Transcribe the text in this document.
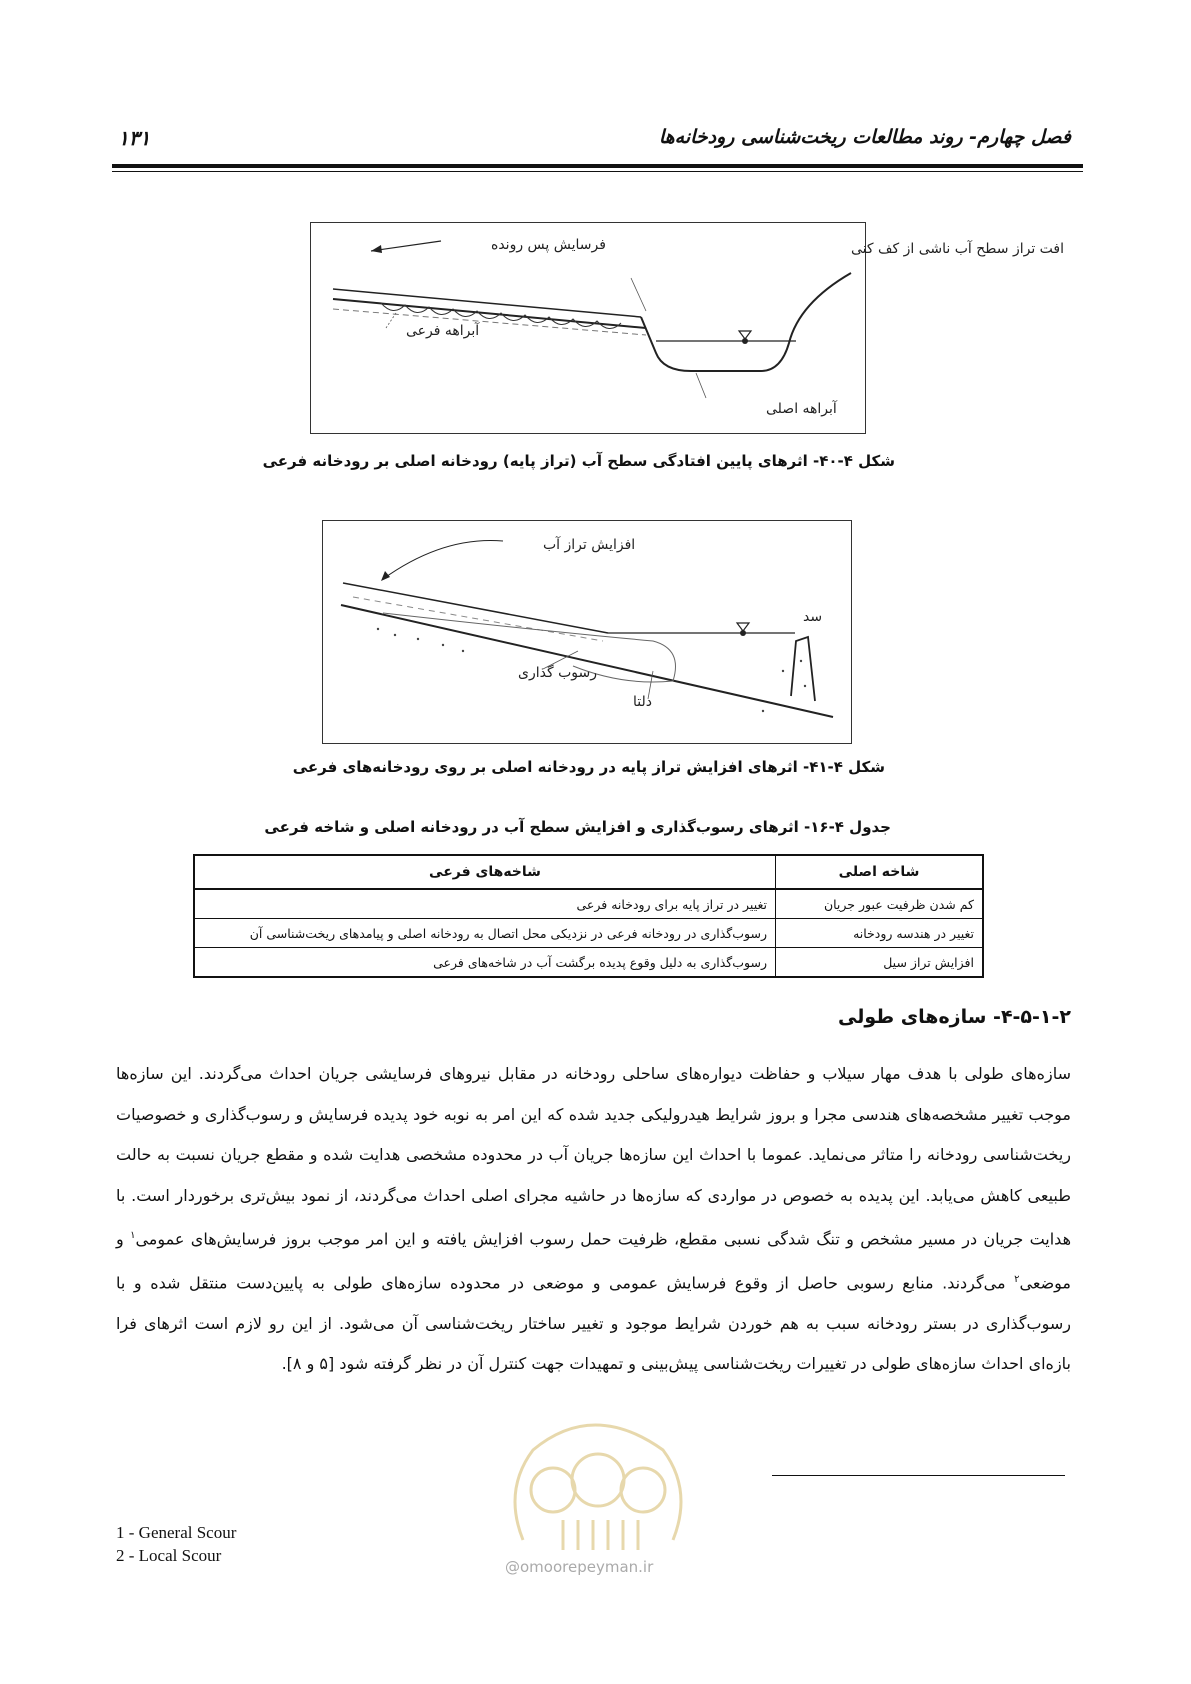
فصل چهارم- روند مطالعات ریخت‌شناسی رودخانه‌ها
۱۳۱
فرسایش پس رونده	افت تراز سطح آب ناشی از کف کنی
آبراهه فرعی
آبراهه اصلی
شکل ۴-۴۰- اثرهای پایین افتادگی سطح آب (تراز پایه) رودخانه اصلی بر رودخانه فرعی
افزایش تراز آب
سد
رسوب گذاری
دلتا
شکل ۴-۴۱- اثرهای افزایش تراز پایه در رودخانه اصلی بر روی رودخانه‌های فرعی
جدول ۴-۱۶- اثرهای رسوب‌گذاری و افزایش سطح آب در رودخانه اصلی و شاخه فرعی
شاخه اصلی	شاخه‌های فرعی
کم شدن ظرفیت عبور جریان	تغییر در تراز پایه برای رودخانه فرعی
تغییر در هندسه رودخانه	رسوب‌گذاری در رودخانه فرعی در نزدیکی محل اتصال به رودخانه اصلی و پیامدهای ریخت‌شناسی آن
افزایش تراز سیل	رسوب‌گذاری به دلیل وقوع پدیده برگشت آب در شاخه‌های فرعی
۴-۵-۱-۲- سازه‌های طولی
سازه‌های طولی با هدف مهار سیلاب و حفاظت دیواره‌های ساحلی رودخانه در مقابل نیروهای فرسایشی جریان احداث می‌گردند. این سازه‌ها موجب تغییر مشخصه‌های هندسی مجرا و بروز شرایط هیدرولیکی جدید شده که این امر به نوبه خود پدیده فرسایش و رسوب‌گذاری و خصوصیات ریخت‌شناسی رودخانه را متاثر می‌نماید. عموما با احداث این سازه‌ها جریان آب در محدوده مشخصی هدایت شده و مقطع جریان نسبت به حالت طبیعی کاهش می‌یابد. این پدیده به خصوص در مواردی که سازه‌ها در حاشیه مجرای اصلی احداث می‌گردند، از نمود بیش‌تری برخوردار است. با هدایت جریان در مسیر مشخص و تنگ شدگی نسبی مقطع، ظرفیت حمل رسوب افزایش یافته و این امر موجب بروز فرسایش‌های عمومی$^۱$ و موضعی$^۲$ می‌گردند. منابع رسوبی حاصل از وقوع فرسایش عمومی و موضعی در محدوده سازه‌های طولی به پایین‌دست منتقل شده و با رسوب‌گذاری در بستر رودخانه سبب به هم خوردن شرایط موجود و تغییر ساختار ریخت‌شناسی آن می‌شود. از این رو لازم است اثرهای فرا بازه‌ای احداث سازه‌های طولی در تغییرات ریخت‌شناسی پیش‌بینی و تمهیدات جهت کنترل آن در نظر گرفته شود [۵ و ۸].
1 - General Scour
2 - Local Scour
@omoorepeyman.ir
